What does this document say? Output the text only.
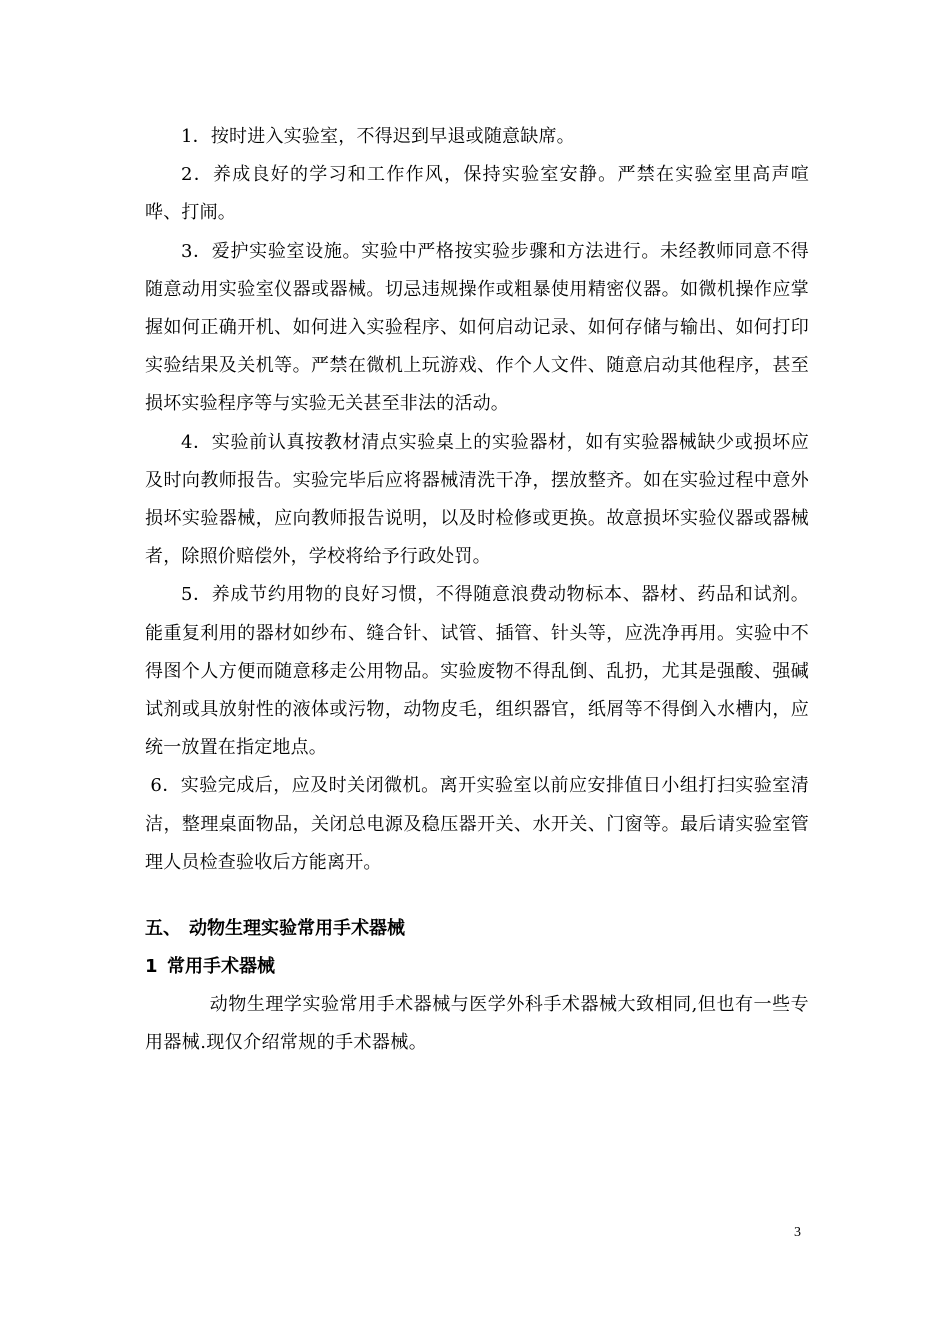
1．按时进入实验室，不得迟到早退或随意缺席。

2．养成良好的学习和工作作风，保持实验室安静。严禁在实验室里高声喧哗、打闹。

3．爱护实验室设施。实验中严格按实验步骤和方法进行。未经教师同意不得随意动用实验室仪器或器械。切忌违规操作或粗暴使用精密仪器。如微机操作应掌握如何正确开机、如何进入实验程序、如何启动记录、如何存储与输出、如何打印实验结果及关机等。严禁在微机上玩游戏、作个人文件、随意启动其他程序，甚至损坏实验程序等与实验无关甚至非法的活动。

4．实验前认真按教材清点实验桌上的实验器材，如有实验器械缺少或损坏应及时向教师报告。实验完毕后应将器械清洗干净，摆放整齐。如在实验过程中意外损坏实验器械，应向教师报告说明，以及时检修或更换。故意损坏实验仪器或器械者，除照价赔偿外，学校将给予行政处罚。

5．养成节约用物的良好习惯，不得随意浪费动物标本、器材、药品和试剂。能重复利用的器材如纱布、缝合针、试管、插管、针头等，应洗净再用。实验中不得图个人方便而随意移走公用物品。实验废物不得乱倒、乱扔，尤其是强酸、强碱试剂或具放射性的液体或污物，动物皮毛，组织器官，纸屑等不得倒入水槽内，应统一放置在指定地点。

6．实验完成后，应及时关闭微机。离开实验室以前应安排值日小组打扫实验室清洁，整理桌面物品，关闭总电源及稳压器开关、水开关、门窗等。最后请实验室管理人员检查验收后方能离开。

五、 动物生理实验常用手术器械

1 常用手术器械

动物生理学实验常用手术器械与医学外科手术器械大致相同,但也有一些专用器械.现仅介绍常规的手术器械。

3
